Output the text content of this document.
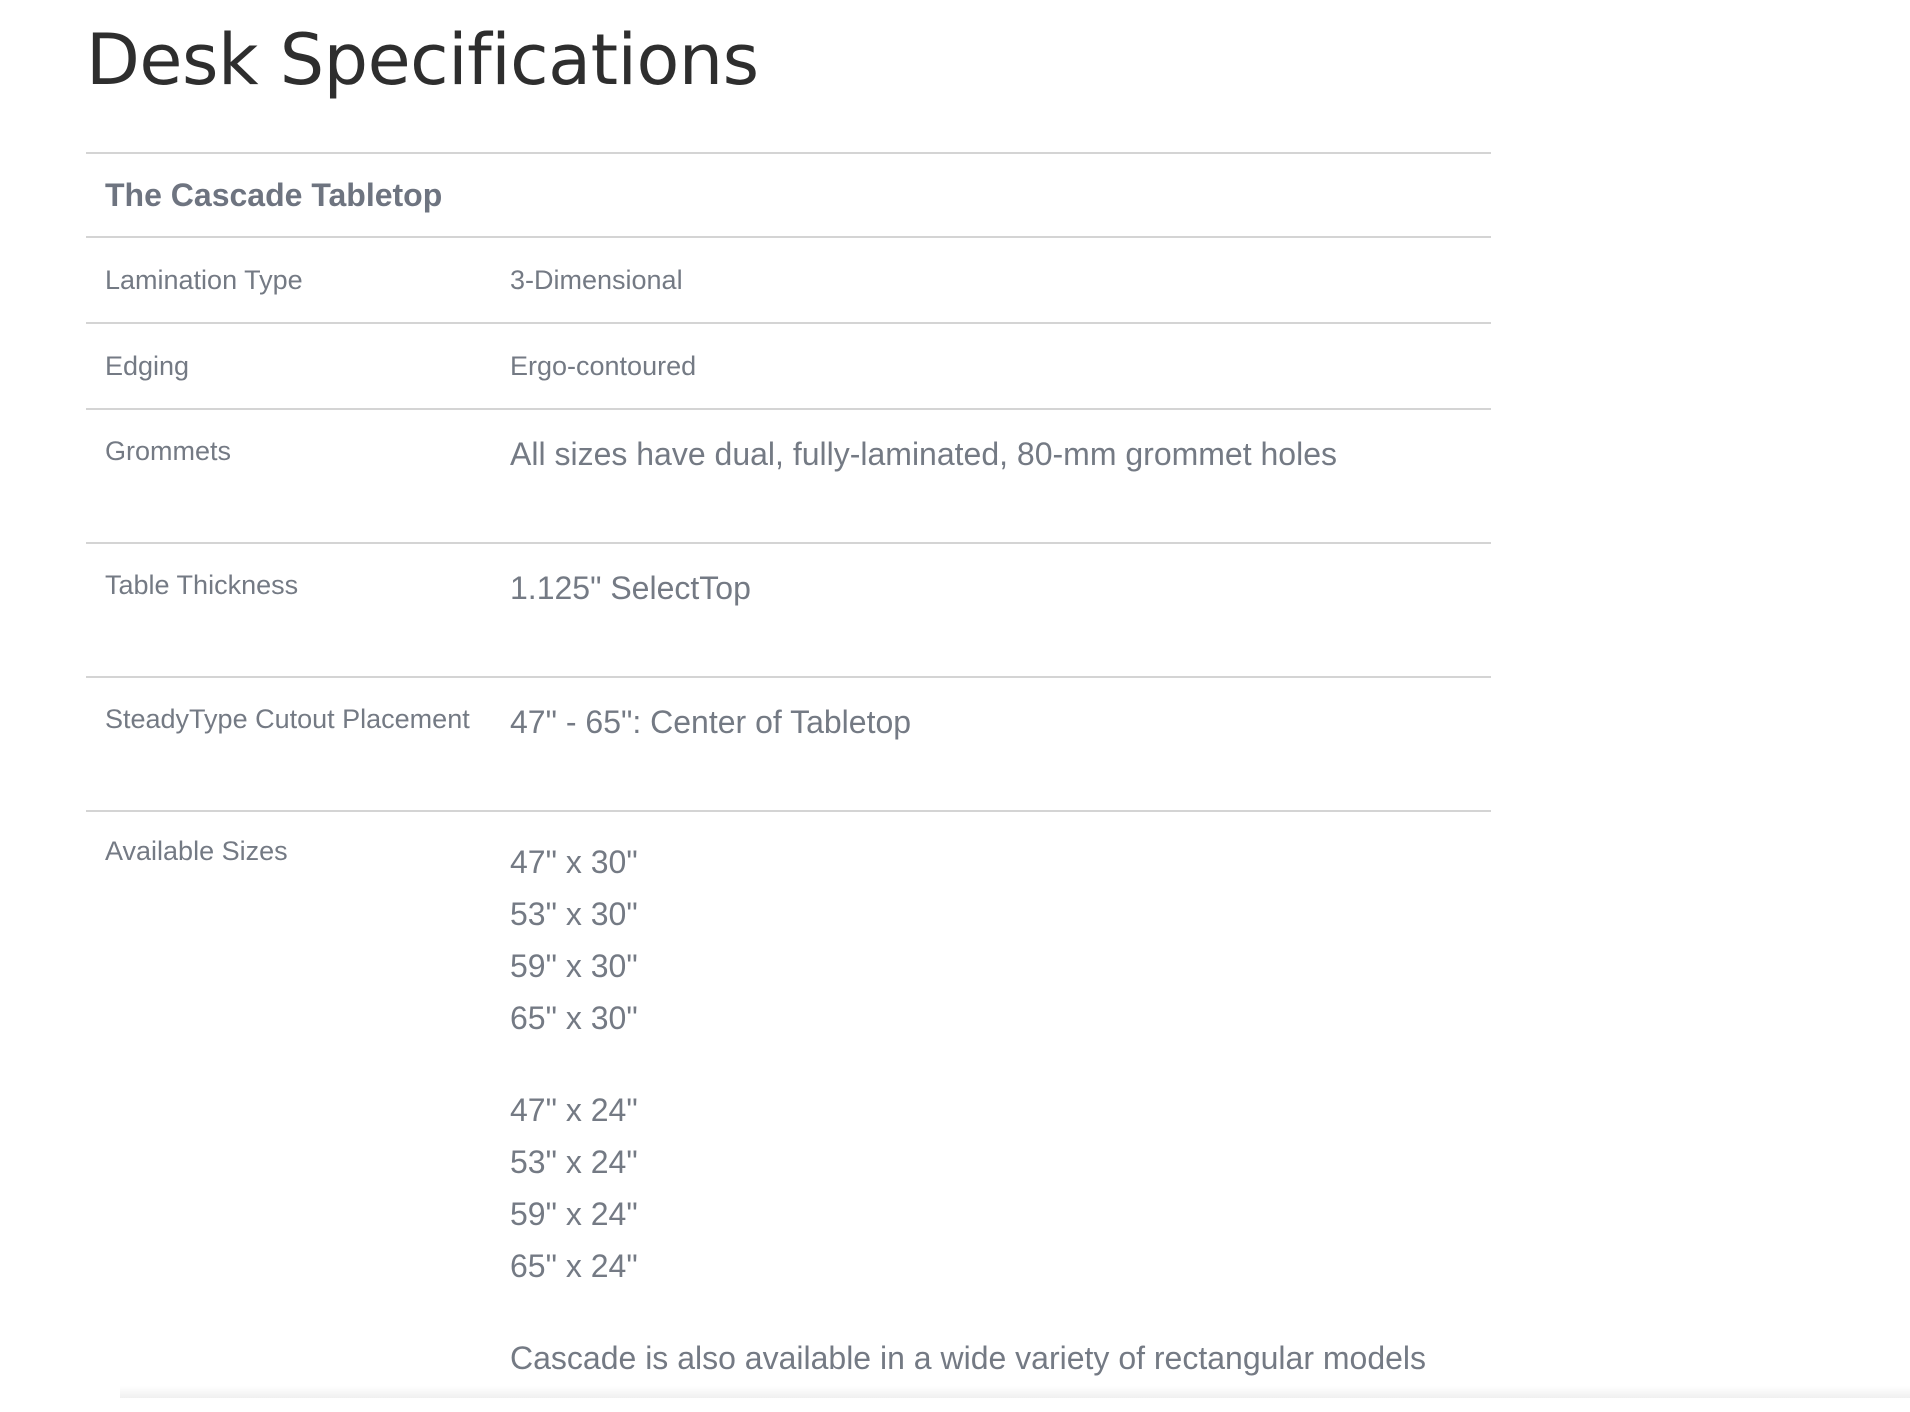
Desk Specifications
The Cascade Tabletop
Lamination Type	3-Dimensional
Edging	Ergo-contoured
Grommets	All sizes have dual, fully-laminated, 80-mm grommet holes
Table Thickness	1.125" SelectTop
SteadyType Cutout Placement	47" - 65": Center of Tabletop
Available Sizes	47" x 30"
53" x 30"
59" x 30"
65" x 30"
47" x 24"
53" x 24"
59" x 24"
65" x 24"
Cascade is also available in a wide variety of rectangular models
